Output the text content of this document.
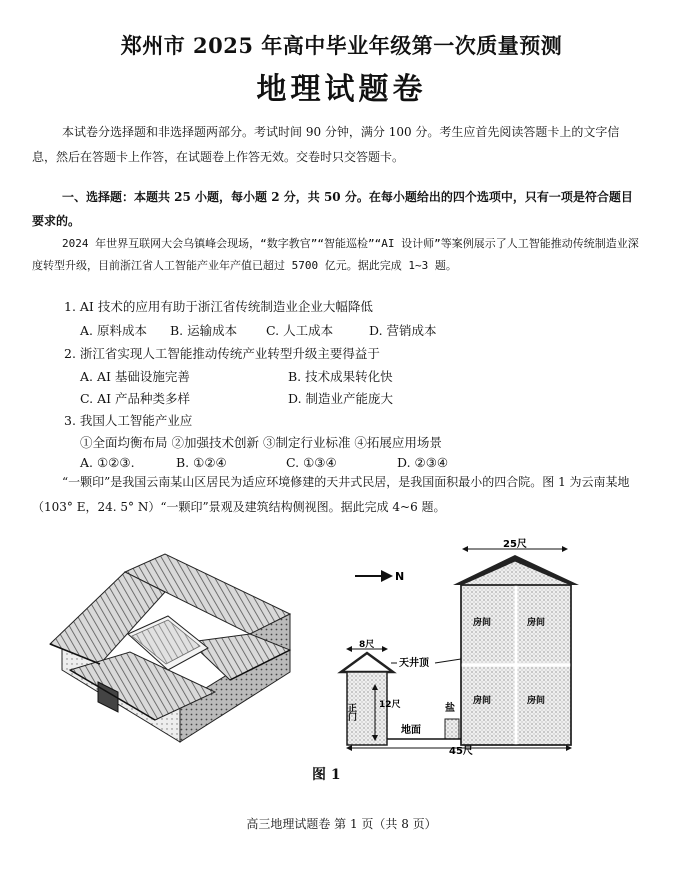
郑州市 2025 年高中毕业年级第一次质量预测
地理试题卷
本试卷分选择题和非选择题两部分。考试时间 90 分钟，满分 100 分。考生应首先阅读答题卡上的文字信息，然后在答题卡上作答，在试题卷上作答无效。交卷时只交答题卡。
一、选择题：本题共 25 小题，每小题 2 分，共 50 分。在每小题给出的四个选项中，只有一项是符合题目要求的。
2024 年世界互联网大会乌镇峰会现场，“数字教官”“智能巡检”“AI 设计师”等案例展示了人工智能推动传统制造业深度转型升级，目前浙江省人工智能产业年产值已超过 5700 亿元。据此完成 1~3 题。
1. AI 技术的应用有助于浙江省传统制造业企业大幅降低
A. 原料成本 B. 运输成本 C. 人工成本	D. 营销成本
2. 浙江省实现人工智能推动传统产业转型升级主要得益于
A. AI 基础设施完善	B. 技术成果转化快
C. AI 产品种类多样	D. 制造业产能庞大
3. 我国人工智能产业应
①全面均衡布局 ②加强技术创新 ③制定行业标准 ④拓展应用场景
A. ①②③.	B. ①②④	C. ①③④	D. ②③④
“一颗印”是我国云南某山区居民为适应环境修建的天井式民居，是我国面积最小的四合院。图 1 为云南某地（103° E，24. 5° N）“一颗印”景观及建筑结构侧视图。据此完成 4~6 题。
N
25尺
房间	房间
房间	房间
正门
8尺
12尺
天井顶
盐
地面
45尺
图 1
高三地理试题卷 第 1 页（共 8 页）
